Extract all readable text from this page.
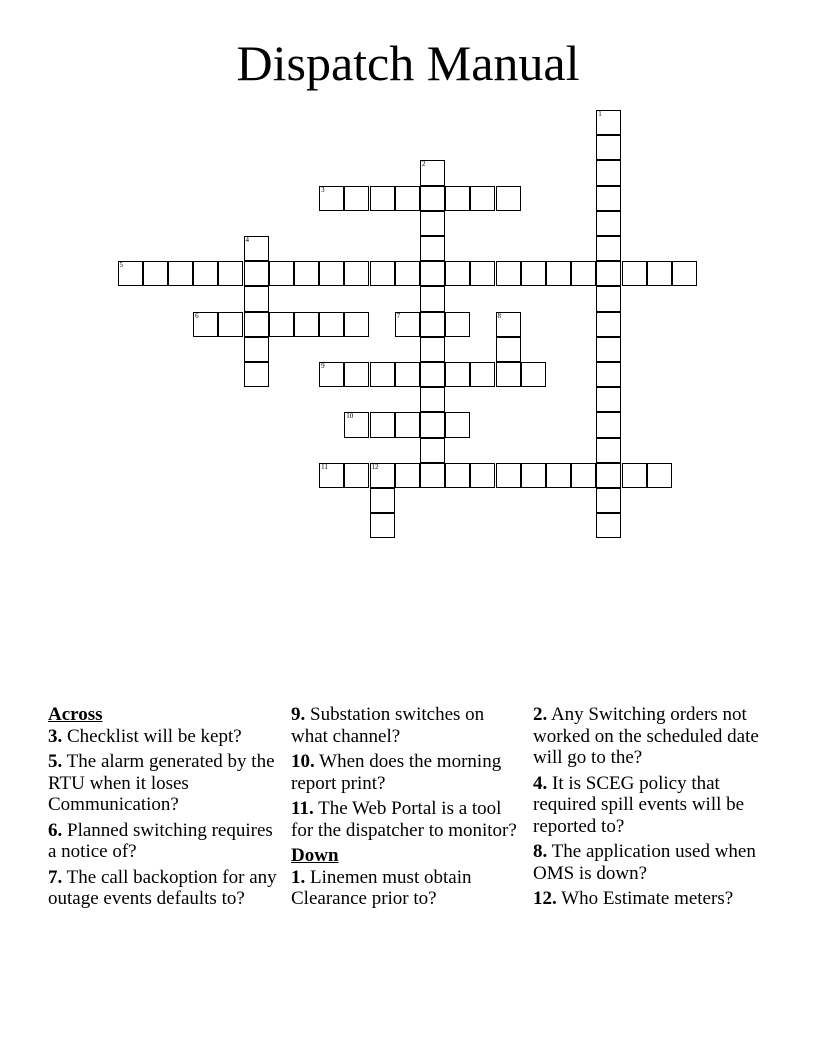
Dispatch Manual
1
2
3
4
5
6	7	8
9
10
11	12
Across
3. Checklist will be kept?
5. The alarm generated by the RTU when it loses Communication?
6. Planned switching requires a notice of?
7. The call backoption for any outage events defaults to?
9. Substation switches on what channel?
10. When does the morning report print?
11. The Web Portal is a tool for the dispatcher to monitor?
Down
1. Linemen must obtain Clearance prior to?
2. Any Switching orders not worked on the scheduled date will go to the?
4. It is SCEG policy that required spill events will be reported to?
8. The application used when OMS is down?
12. Who Estimate meters?
